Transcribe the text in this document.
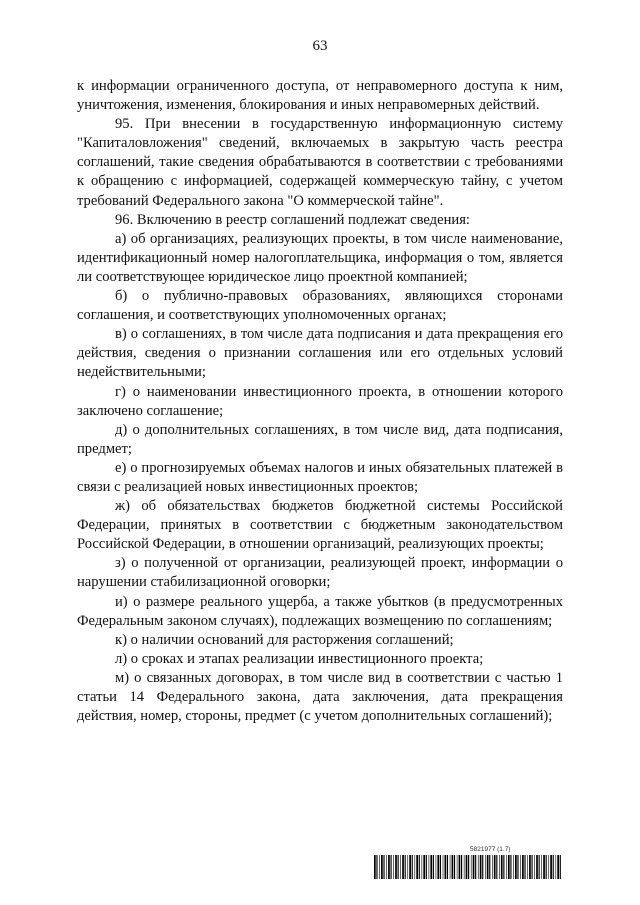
63

к информации ограниченного доступа, от неправомерного доступа к ним, уничтожения, изменения, блокирования и иных неправомерных действий.

95. При внесении в государственную информационную систему "Капиталовложения" сведений, включаемых в закрытую часть реестра соглашений, такие сведения обрабатываются в соответствии с требованиями к обращению с информацией, содержащей коммерческую тайну, с учетом требований Федерального закона "О коммерческой тайне".

96. Включению в реестр соглашений подлежат сведения:

а) об организациях, реализующих проекты, в том числе наименование, идентификационный номер налогоплательщика, информация о том, является ли соответствующее юридическое лицо проектной компанией;

б) о публично-правовых образованиях, являющихся сторонами соглашения, и соответствующих уполномоченных органах;

в) о соглашениях, в том числе дата подписания и дата прекращения его действия, сведения о признании соглашения или его отдельных условий недействительными;

г) о наименовании инвестиционного проекта, в отношении которого заключено соглашение;

д) о дополнительных соглашениях, в том числе вид, дата подписания, предмет;

е) о прогнозируемых объемах налогов и иных обязательных платежей в связи с реализацией новых инвестиционных проектов;

ж) об обязательствах бюджетов бюджетной системы Российской Федерации, принятых в соответствии с бюджетным законодательством Российской Федерации, в отношении организаций, реализующих проекты;

з) о полученной от организации, реализующей проект, информации о нарушении стабилизационной оговорки;

и) о размере реального ущерба, а также убытков (в предусмотренных Федеральным законом случаях), подлежащих возмещению по соглашениям;

к) о наличии оснований для расторжения соглашений;

л) о сроках и этапах реализации инвестиционного проекта;

м) о связанных договорах, в том числе вид в соответствии с частью 1 статьи 14 Федерального закона, дата заключения, дата прекращения действия, номер, стороны, предмет (с учетом дополнительных соглашений);

5821977 (1.7)
